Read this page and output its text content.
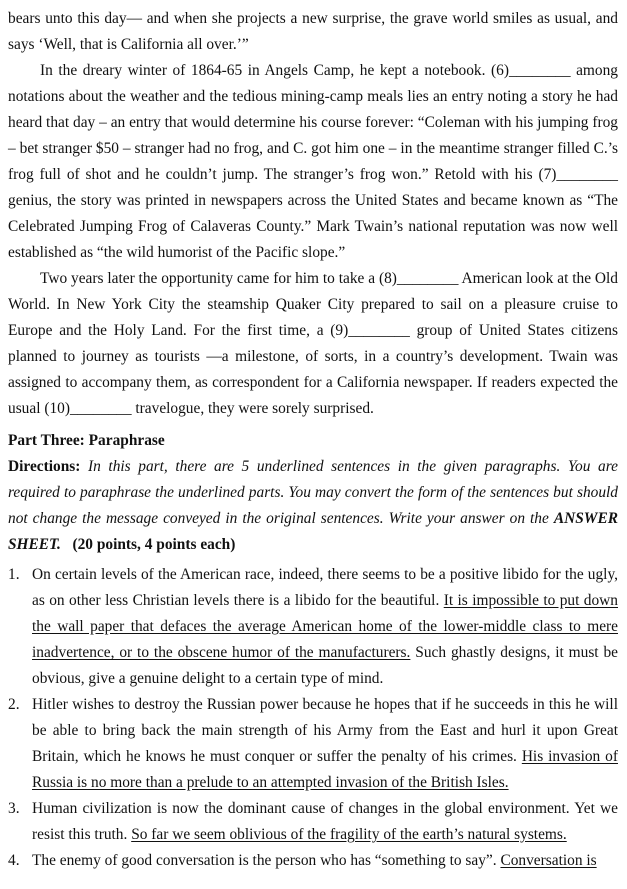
bears unto this day— and when she projects a new surprise, the grave world smiles as usual, and says ‘Well, that is California all over.’”

In the dreary winter of 1864-65 in Angels Camp, he kept a notebook. (6)________ among notations about the weather and the tedious mining-camp meals lies an entry noting a story he had heard that day – an entry that would determine his course forever: “Coleman with his jumping frog – bet stranger $50 – stranger had no frog, and C. got him one – in the meantime stranger filled C.’s frog full of shot and he couldn’t jump. The stranger’s frog won.” Retold with his (7)________ genius, the story was printed in newspapers across the United States and became known as “The Celebrated Jumping Frog of Calaveras County.” Mark Twain’s national reputation was now well established as “the wild humorist of the Pacific slope.”

Two years later the opportunity came for him to take a (8)________ American look at the Old World. In New York City the steamship Quaker City prepared to sail on a pleasure cruise to Europe and the Holy Land. For the first time, a (9)________ group of United States citizens planned to journey as tourists —a milestone, of sorts, in a country’s development. Twain was assigned to accompany them, as correspondent for a California newspaper. If readers expected the usual (10)________ travelogue, they were sorely surprised.

Part Three: Paraphrase

Directions: In this part, there are 5 underlined sentences in the given paragraphs. You are required to paraphrase the underlined parts. You may convert the form of the sentences but should not change the message conveyed in the original sentences. Write your answer on the ANSWER SHEET. (20 points, 4 points each)

1. On certain levels of the American race, indeed, there seems to be a positive libido for the ugly, as on other less Christian levels there is a libido for the beautiful. It is impossible to put down the wall paper that defaces the average American home of the lower-middle class to mere inadvertence, or to the obscene humor of the manufacturers. Such ghastly designs, it must be obvious, give a genuine delight to a certain type of mind.
2. Hitler wishes to destroy the Russian power because he hopes that if he succeeds in this he will be able to bring back the main strength of his Army from the East and hurl it upon Great Britain, which he knows he must conquer or suffer the penalty of his crimes. His invasion of Russia is no more than a prelude to an attempted invasion of the British Isles.
3. Human civilization is now the dominant cause of changes in the global environment. Yet we resist this truth. So far we seem oblivious of the fragility of the earth’s natural systems.
4. The enemy of good conversation is the person who has “something to say”. Conversation is
